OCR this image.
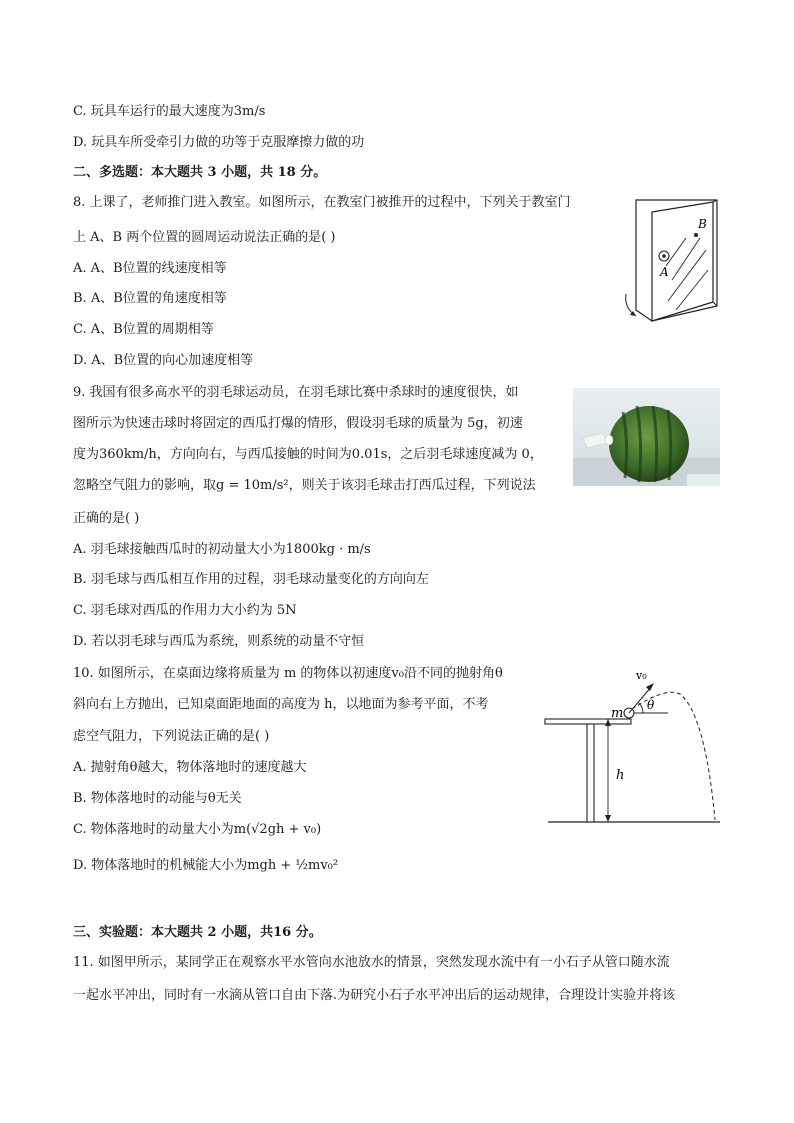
C. 玩具车运行的最大速度为3m/s
D. 玩具车所受牵引力做的功等于克服摩擦力做的功
二、多选题：本大题共 3 小题，共 18 分。
8. 上课了，老师推门进入教室。如图所示，在教室门被推开的过程中，下列关于教室门
上 A、B 两个位置的圆周运动说法正确的是( )
A. A、B位置的线速度相等
B. A、B位置的角速度相等
C. A、B位置的周期相等
D. A、B位置的向心加速度相等
B
A
9. 我国有很多高水平的羽毛球运动员，在羽毛球比赛中杀球时的速度很快，如
图所示为快速击球时将固定的西瓜打爆的情形，假设羽毛球的质量为 5g，初速
度为360km/h，方向向右，与西瓜接触的时间为0.01s，之后羽毛球速度减为 0，
忽略空气阻力的影响，取g = 10m/s²，则关于该羽毛球击打西瓜过程，下列说法
正确的是( )
A. 羽毛球接触西瓜时的初动量大小为1800kg · m/s
B. 羽毛球与西瓜相互作用的过程，羽毛球动量变化的方向向左
C. 羽毛球对西瓜的作用力大小约为 5N
D. 若以羽毛球与西瓜为系统，则系统的动量不守恒
10. 如图所示，在桌面边缘将质量为 m 的物体以初速度v₀沿不同的抛射角θ
斜向右上方抛出，已知桌面距地面的高度为 h，以地面为参考平面，不考
虑空气阻力，下列说法正确的是( )
A. 抛射角θ越大，物体落地时的速度越大
B. 物体落地时的动能与θ无关
C. 物体落地时的动量大小为m(√2gh + v₀)
D. 物体落地时的机械能大小为mgh + ½mv₀²
v₀
m
θ
h
三、实验题：本大题共 2 小题，共16 分。
11. 如图甲所示，某同学正在观察水平水管向水池放水的情景，突然发现水流中有一小石子从管口随水流
一起水平冲出，同时有一水滴从管口自由下落.为研究小石子水平冲出后的运动规律，合理设计实验并将该
